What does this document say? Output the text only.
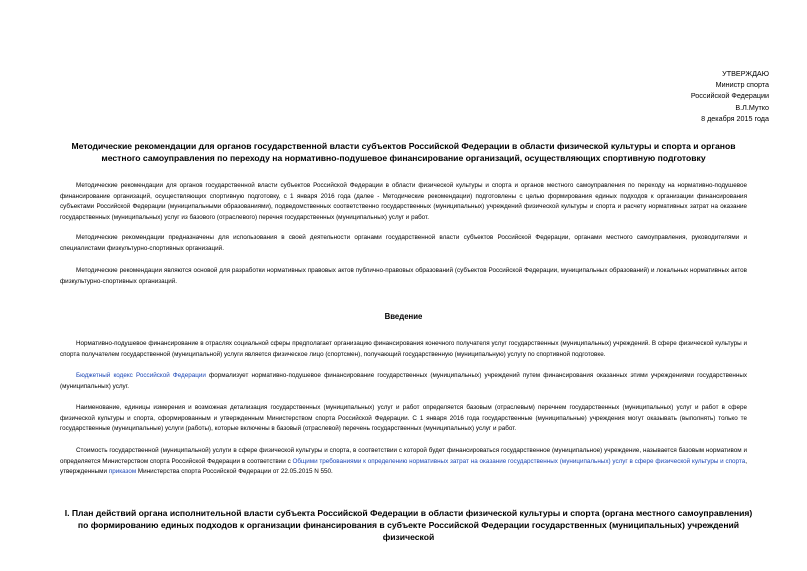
УТВЕРЖДАЮ
Министр спорта
Российской Федерации
В.Л.Мутко
8 декабря 2015 года
Методические рекомендации для органов государственной власти субъектов Российской Федерации в области физической культуры и спорта и органов местного самоуправления по переходу на нормативно-подушевое финансирование организаций, осуществляющих спортивную подготовку

Методические рекомендации для органов государственной власти субъектов Российской Федерации в области физической культуры и спорта и органов местного самоуправления по переходу на нормативно-подушевое финансирование организаций, осуществляющих спортивную подготовку, с 1 января 2016 года (далее - Методические рекомендации) подготовлены с целью формирования единых подходов к организации финансирования субъектами Российской Федерации (муниципальными образованиями), подведомственных соответственно государственных (муниципальных) учреждений физической культуры и спорта и расчету нормативных затрат на оказание государственных (муниципальных) услуг из базового (отраслевого) перечня государственных (муниципальных) услуг и работ.

Методические рекомендации предназначены для использования в своей деятельности органами государственной власти субъектов Российской Федерации, органами местного самоуправления, руководителями и специалистами физкультурно-спортивных организаций.

Методические рекомендации являются основой для разработки нормативных правовых актов публично-правовых образований (субъектов Российской Федерации, муниципальных образований) и локальных нормативных актов физкультурно-спортивных организаций.

Введение

Нормативно-подушевое финансирование в отраслях социальной сферы предполагает организацию финансирования конечного получателя услуг государственных (муниципальных) учреждений. В сфере физической культуры и спорта получателем государственной (муниципальной) услуги является физическое лицо (спортсмен), получающий государственную (муниципальную) услугу по спортивной подготовке.

Бюджетный кодекс Российской Федерации формализует нормативно-подушевое финансирование государственных (муниципальных) учреждений путем финансирования оказанных этими учреждениями государственных (муниципальных) услуг.

Наименование, единицы измерения и возможная детализация государственных (муниципальных) услуг и работ определяется базовым (отраслевым) перечнем государственных (муниципальных) услуг и работ в сфере физической культуры и спорта, сформированным и утвержденным Министерством спорта Российской Федерации. С 1 января 2016 года государственные (муниципальные) учреждения могут оказывать (выполнять) только те государственные (муниципальные) услуги (работы), которые включены в базовый (отраслевой) перечень государственных (муниципальных) услуг и работ.

Стоимость государственной (муниципальной) услуги в сфере физической культуры и спорта, в соответствии с которой будет финансироваться государственное (муниципальное) учреждение, называется базовым нормативом и определяется Министерством спорта Российской Федерации в соответствии с Общими требованиями к определению нормативных затрат на оказание государственных (муниципальных) услуг в сфере физической культуры и спорта, утвержденными приказом Министерства спорта Российской Федерации от 22.05.2015 N 550.

I. План действий органа исполнительной власти субъекта Российской Федерации в области физической культуры и спорта (органа местного самоуправления) по формированию единых подходов к организации финансирования в субъекте Российской Федерации государственных (муниципальных) учреждений физической
